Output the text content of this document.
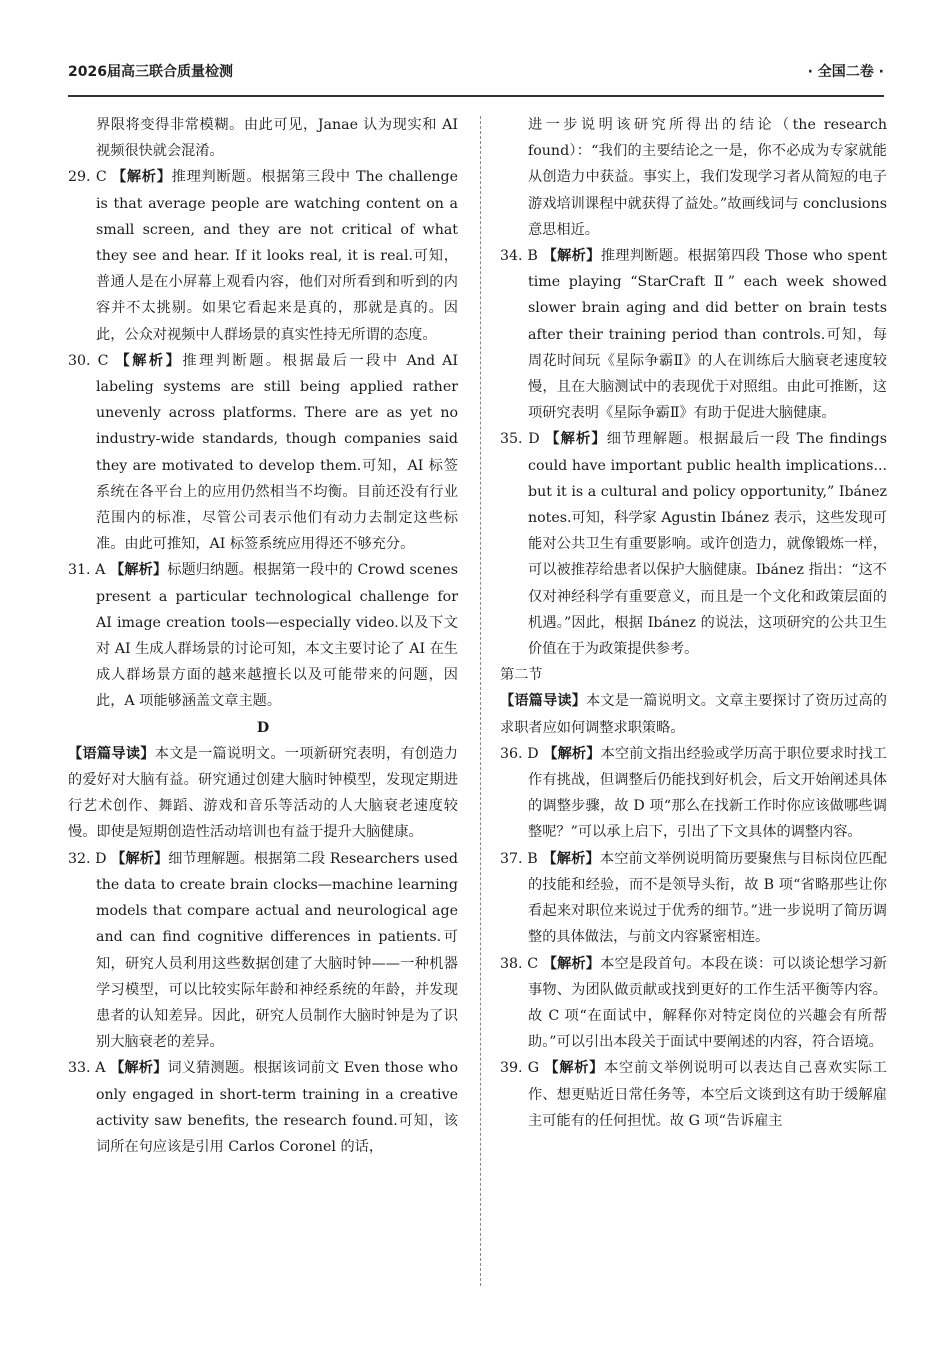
2026届高三联合质量检测	· 全国二卷 ·

界限将变得非常模糊。由此可见，Janae 认为现实和 AI 视频很快就会混淆。

29. C 【解析】推理判断题。根据第三段中 The challenge is that average people are watching content on a small screen, and they are not critical of what they see and hear. If it looks real, it is real.可知，普通人是在小屏幕上观看内容，他们对所看到和听到的内容并不太挑剔。如果它看起来是真的，那就是真的。因此，公众对视频中人群场景的真实性持无所谓的态度。

30. C 【解析】推理判断题。根据最后一段中 And AI labeling systems are still being applied rather unevenly across platforms. There are as yet no industry-wide standards, though companies said they are motivated to develop them.可知，AI 标签系统在各平台上的应用仍然相当不均衡。目前还没有行业范围内的标准，尽管公司表示他们有动力去制定这些标准。由此可推知，AI 标签系统应用得还不够充分。

31. A 【解析】标题归纳题。根据第一段中的 Crowd scenes present a particular technological challenge for AI image creation tools—especially video.以及下文对 AI 生成人群场景的讨论可知，本文主要讨论了 AI 在生成人群场景方面的越来越擅长以及可能带来的问题，因此，A 项能够涵盖文章主题。

D

【语篇导读】本文是一篇说明文。一项新研究表明，有创造力的爱好对大脑有益。研究通过创建大脑时钟模型，发现定期进行艺术创作、舞蹈、游戏和音乐等活动的人大脑衰老速度较慢。即使是短期创造性活动培训也有益于提升大脑健康。

32. D 【解析】细节理解题。根据第二段 Researchers used the data to create brain clocks—machine learning models that compare actual and neurological age and can find cognitive differences in patients.可知，研究人员利用这些数据创建了大脑时钟——一种机器学习模型，可以比较实际年龄和神经系统的年龄，并发现患者的认知差异。因此，研究人员制作大脑时钟是为了识别大脑衰老的差异。

33. A 【解析】词义猜测题。根据该词前文 Even those who only engaged in short-term training in a creative activity saw benefits, the research found.可知，该词所在句应该是引用 Carlos Coronel 的话，

进一步说明该研究所得出的结论（the research found）：“我们的主要结论之一是，你不必成为专家就能从创造力中获益。事实上，我们发现学习者从简短的电子游戏培训课程中就获得了益处。”故画线词与 conclusions 意思相近。

34. B 【解析】推理判断题。根据第四段 Those who spent time playing “StarCraft Ⅱ” each week showed slower brain aging and did better on brain tests after their training period than controls.可知，每周花时间玩《星际争霸Ⅱ》的人在训练后大脑衰老速度较慢，且在大脑测试中的表现优于对照组。由此可推断，这项研究表明《星际争霸Ⅱ》有助于促进大脑健康。

35. D 【解析】细节理解题。根据最后一段 The findings could have important public health implications... but it is a cultural and policy opportunity,” Ibánez notes.可知，科学家 Agustin Ibánez 表示，这些发现可能对公共卫生有重要影响。或许创造力，就像锻炼一样，可以被推荐给患者以保护大脑健康。Ibánez 指出：“这不仅对神经科学有重要意义，而且是一个文化和政策层面的机遇。”因此，根据 Ibánez 的说法，这项研究的公共卫生价值在于为政策提供参考。

第二节

【语篇导读】本文是一篇说明文。文章主要探讨了资历过高的求职者应如何调整求职策略。

36. D 【解析】本空前文指出经验或学历高于职位要求时找工作有挑战，但调整后仍能找到好机会，后文开始阐述具体的调整步骤，故 D 项“那么在找新工作时你应该做哪些调整呢？”可以承上启下，引出了下文具体的调整内容。

37. B 【解析】本空前文举例说明简历要聚焦与目标岗位匹配的技能和经验，而不是领导头衔，故 B 项“省略那些让你看起来对职位来说过于优秀的细节。”进一步说明了简历调整的具体做法，与前文内容紧密相连。

38. C 【解析】本空是段首句。本段在谈：可以谈论想学习新事物、为团队做贡献或找到更好的工作生活平衡等内容。故 C 项“在面试中，解释你对特定岗位的兴趣会有所帮助。”可以引出本段关于面试中要阐述的内容，符合语境。

39. G 【解析】本空前文举例说明可以表达自己喜欢实际工作、想更贴近日常任务等，本空后文谈到这有助于缓解雇主可能有的任何担忧。故 G 项“告诉雇主
